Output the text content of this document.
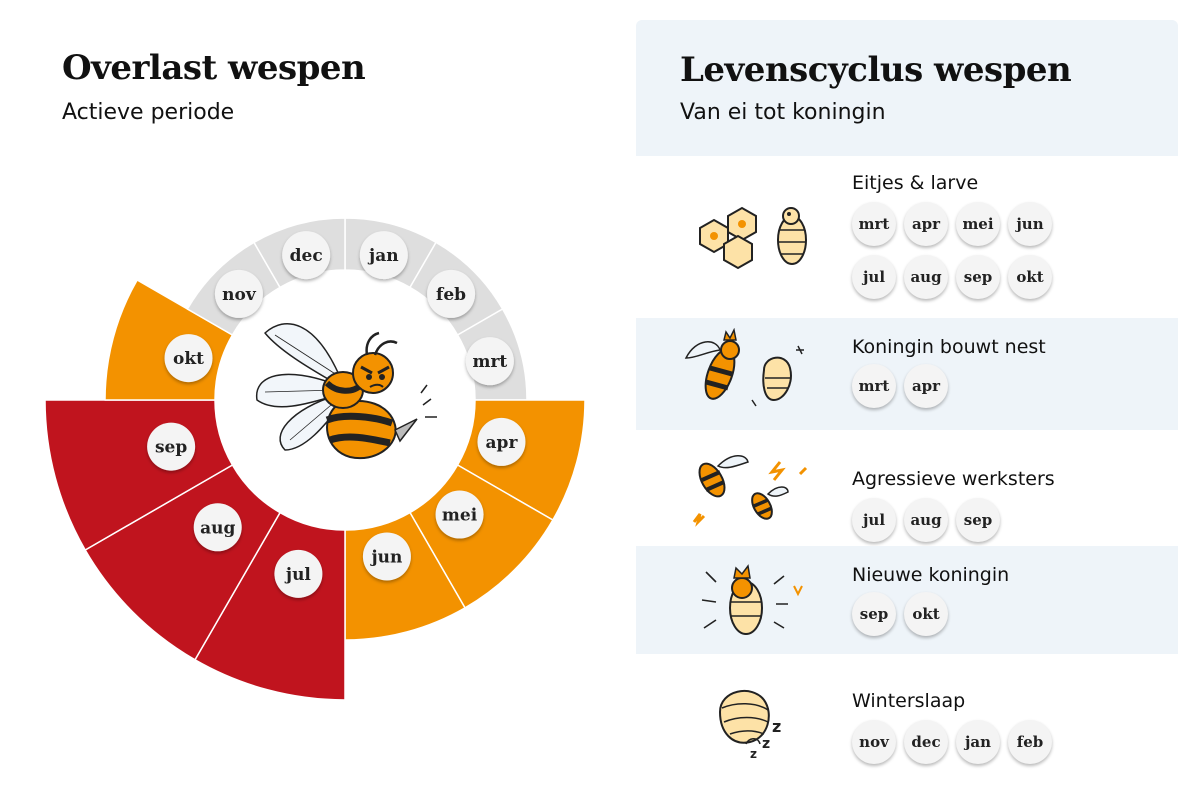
Overlast wespen

Actieve periode

jan
feb
mrt
apr
mei
jun
jul
aug
sep
okt
nov
dec
Levenscyclus wespen

Van ei tot koningin

Eitjes & larve
mrt	apr	mei	jun
jul	aug	sep	okt
Koningin bouwt nest
mrt	apr
Agressieve werksters
jul	aug	sep
Nieuwe koningin
sep	okt
z
z
z
Winterslaap
nov	dec	jan	feb
